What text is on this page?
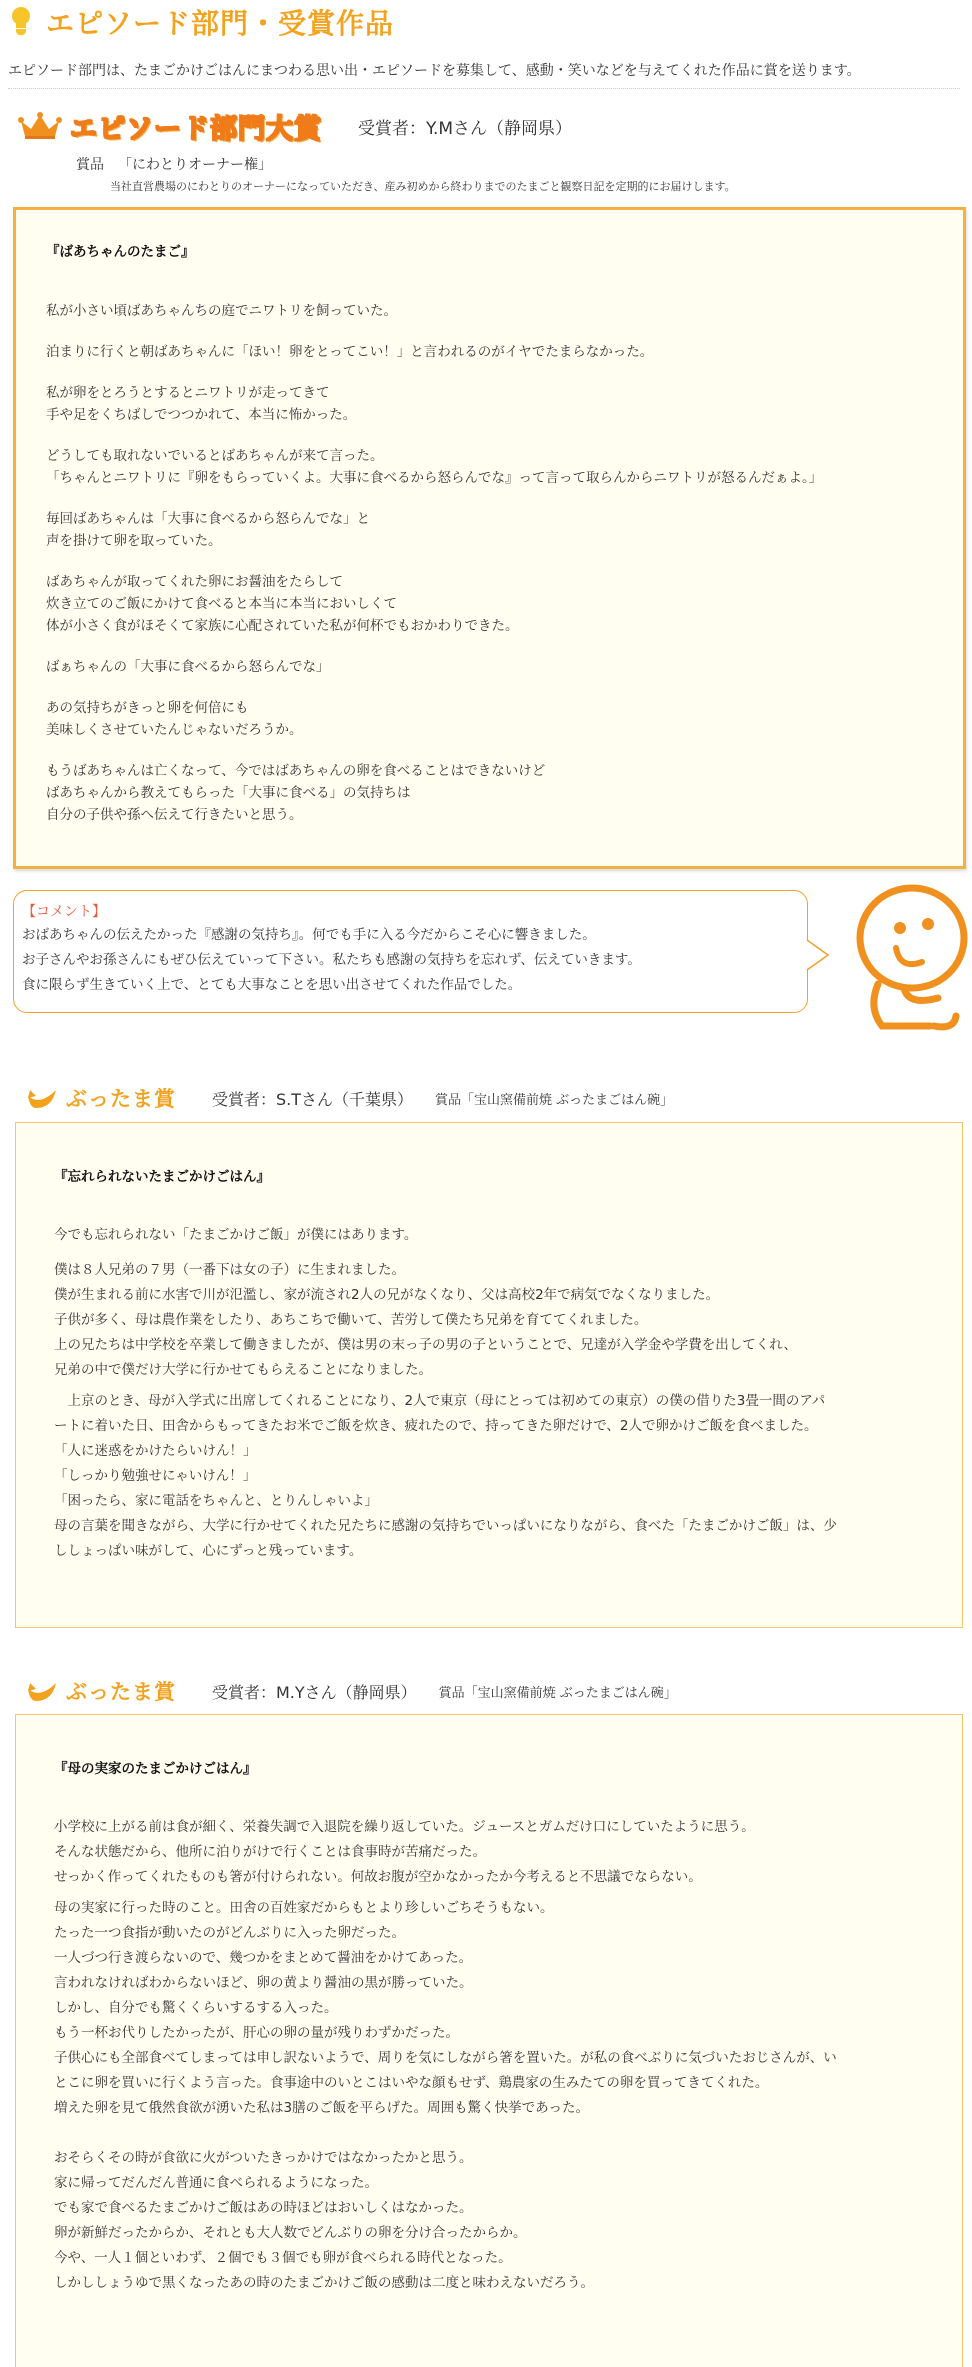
エピソード部門・受賞作品
エピソード部門は、たまごかけごはんにまつわる思い出・エピソードを募集して、感動・笑いなどを与えてくれた作品に賞を送ります。
エピソード部門大賞 受賞者：Y.Mさん（静岡県）
賞品 「にわとりオーナー権」
当社直営農場のにわとりのオーナーになっていただき、産み初めから終わりまでのたまごと観察日記を定期的にお届けします。
『ばあちゃんのたまご』
私が小さい頃ばあちゃんちの庭でニワトリを飼っていた。
泊まりに行くと朝ばあちゃんに「ほい！卵をとってこい！」と言われるのがイヤでたまらなかった。
私が卵をとろうとするとニワトリが走ってきて
手や足をくちばしでつつかれて、本当に怖かった。
どうしても取れないでいるとばあちゃんが来て言った。
「ちゃんとニワトリに『卵をもらっていくよ。大事に食べるから怒らんでな』って言って取らんからニワトリが怒るんだぁよ。」
毎回ばあちゃんは「大事に食べるから怒らんでな」と
声を掛けて卵を取っていた。
ばあちゃんが取ってくれた卵にお醤油をたらして
炊き立てのご飯にかけて食べると本当に本当においしくて
体が小さく食がほそくて家族に心配されていた私が何杯でもおかわりできた。
ばぁちゃんの「大事に食べるから怒らんでな」
あの気持ちがきっと卵を何倍にも
美味しくさせていたんじゃないだろうか。
もうばあちゃんは亡くなって、今ではばあちゃんの卵を食べることはできないけど
ばあちゃんから教えてもらった「大事に食べる」の気持ちは
自分の子供や孫へ伝えて行きたいと思う。
【コメント】
おばあちゃんの伝えたかった『感謝の気持ち』。何でも手に入る今だからこそ心に響きました。
お子さんやお孫さんにもぜひ伝えていって下さい。私たちも感謝の気持ちを忘れず、伝えていきます。
食に限らず生きていく上で、とても大事なことを思い出させてくれた作品でした。
ぶったま賞 受賞者：S.Tさん（千葉県） 賞品「宝山窯備前焼 ぶったまごはん碗」
『忘れられないたまごかけごはん』
今でも忘れられない「たまごかけご飯」が僕にはあります。
僕は８人兄弟の７男（一番下は女の子）に生まれました。
僕が生まれる前に水害で川が氾濫し、家が流され2人の兄がなくなり、父は高校2年で病気でなくなりました。
子供が多く、母は農作業をしたり、あちこちで働いて、苦労して僕たち兄弟を育ててくれました。
上の兄たちは中学校を卒業して働きましたが、僕は男の末っ子の男の子ということで、兄達が入学金や学費を出してくれ、
兄弟の中で僕だけ大学に行かせてもらえることになりました。
　上京のとき、母が入学式に出席してくれることになり、2人で東京（母にとっては初めての東京）の僕の借りた3畳一間のアパ
ートに着いた日、田舎からもってきたお米でご飯を炊き、疲れたので、持ってきた卵だけで、2人で卵かけご飯を食べました。
「人に迷惑をかけたらいけん！」
「しっかり勉強せにゃいけん！」
「困ったら、家に電話をちゃんと、とりんしゃいよ」
母の言葉を聞きながら、大学に行かせてくれた兄たちに感謝の気持ちでいっぱいになりながら、食べた「たまごかけご飯」は、少
ししょっぱい味がして、心にずっと残っています。
ぶったま賞 受賞者：M.Yさん（静岡県） 賞品「宝山窯備前焼 ぶったまごはん碗」
『母の実家のたまごかけごはん』
小学校に上がる前は食が細く、栄養失調で入退院を繰り返していた。ジュースとガムだけ口にしていたように思う。
そんな状態だから、他所に泊りがけで行くことは食事時が苦痛だった。
せっかく作ってくれたものも箸が付けられない。何故お腹が空かなかったか今考えると不思議でならない。
母の実家に行った時のこと。田舎の百姓家だからもとより珍しいごちそうもない。
たった一つ食指が動いたのがどんぶりに入った卵だった。
一人づつ行き渡らないので、幾つかをまとめて醤油をかけてあった。
言われなければわからないほど、卵の黄より醤油の黒が勝っていた。
しかし、自分でも驚くくらいするする入った。
もう一杯お代りしたかったが、肝心の卵の量が残りわずかだった。
子供心にも全部食べてしまっては申し訳ないようで、周りを気にしながら箸を置いた。が私の食べぶりに気づいたおじさんが、い
とこに卵を買いに行くよう言った。食事途中のいとこはいやな顔もせず、鶏農家の生みたての卵を買ってきてくれた。
増えた卵を見て俄然食欲が湧いた私は3膳のご飯を平らげた。周囲も驚く快挙であった。
おそらくその時が食欲に火がついたきっかけではなかったかと思う。
家に帰ってだんだん普通に食べられるようになった。
でも家で食べるたまごかけご飯はあの時ほどはおいしくはなかった。
卵が新鮮だったからか、それとも大人数でどんぶりの卵を分け合ったからか。
今や、一人１個といわず、２個でも３個でも卵が食べられる時代となった。
しかししょうゆで黒くなったあの時のたまごかけご飯の感動は二度と味わえないだろう。
